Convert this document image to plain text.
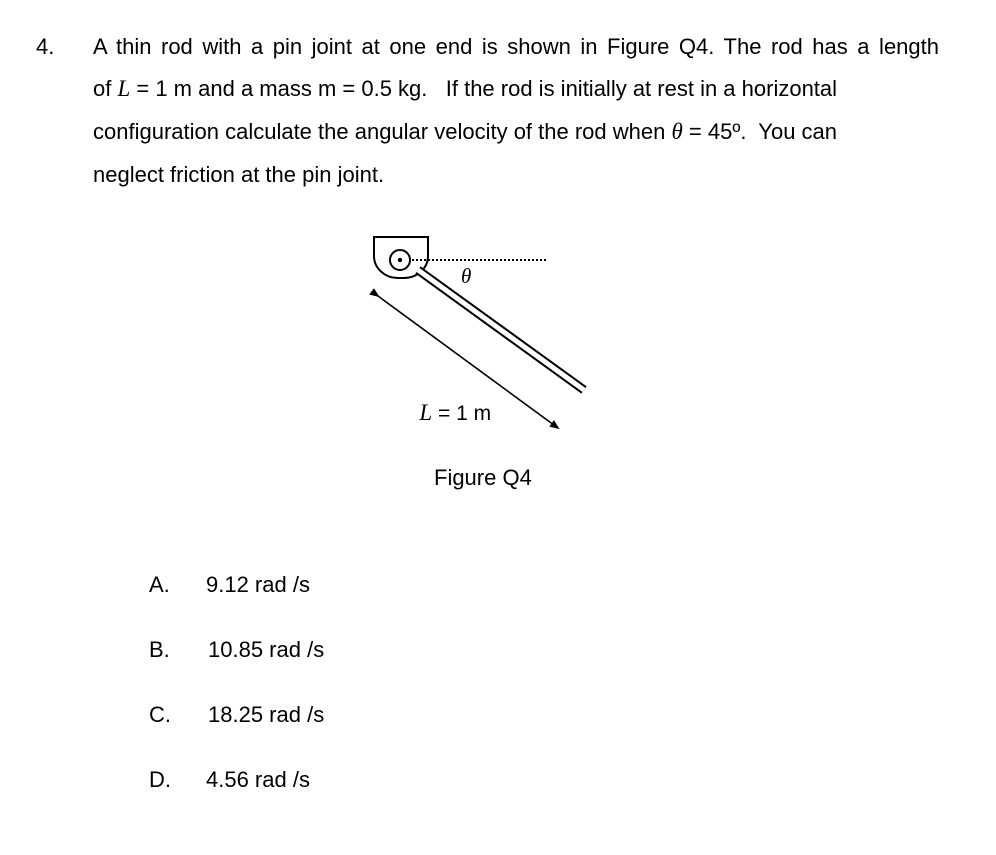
4. A thin rod with a pin joint at one end is shown in Figure Q4. The rod has a length
of L = 1 m and a mass m = 0.5 kg.   If the rod is initially at rest in a horizontal
configuration calculate the angular velocity of the rod when θ = 45º.  You can
neglect friction at the pin joint.
θ

L = 1 m

Figure Q4
A. 9.12 rad /s
B. 10.85 rad /s
C. 18.25 rad /s
D. 4.56 rad /s
